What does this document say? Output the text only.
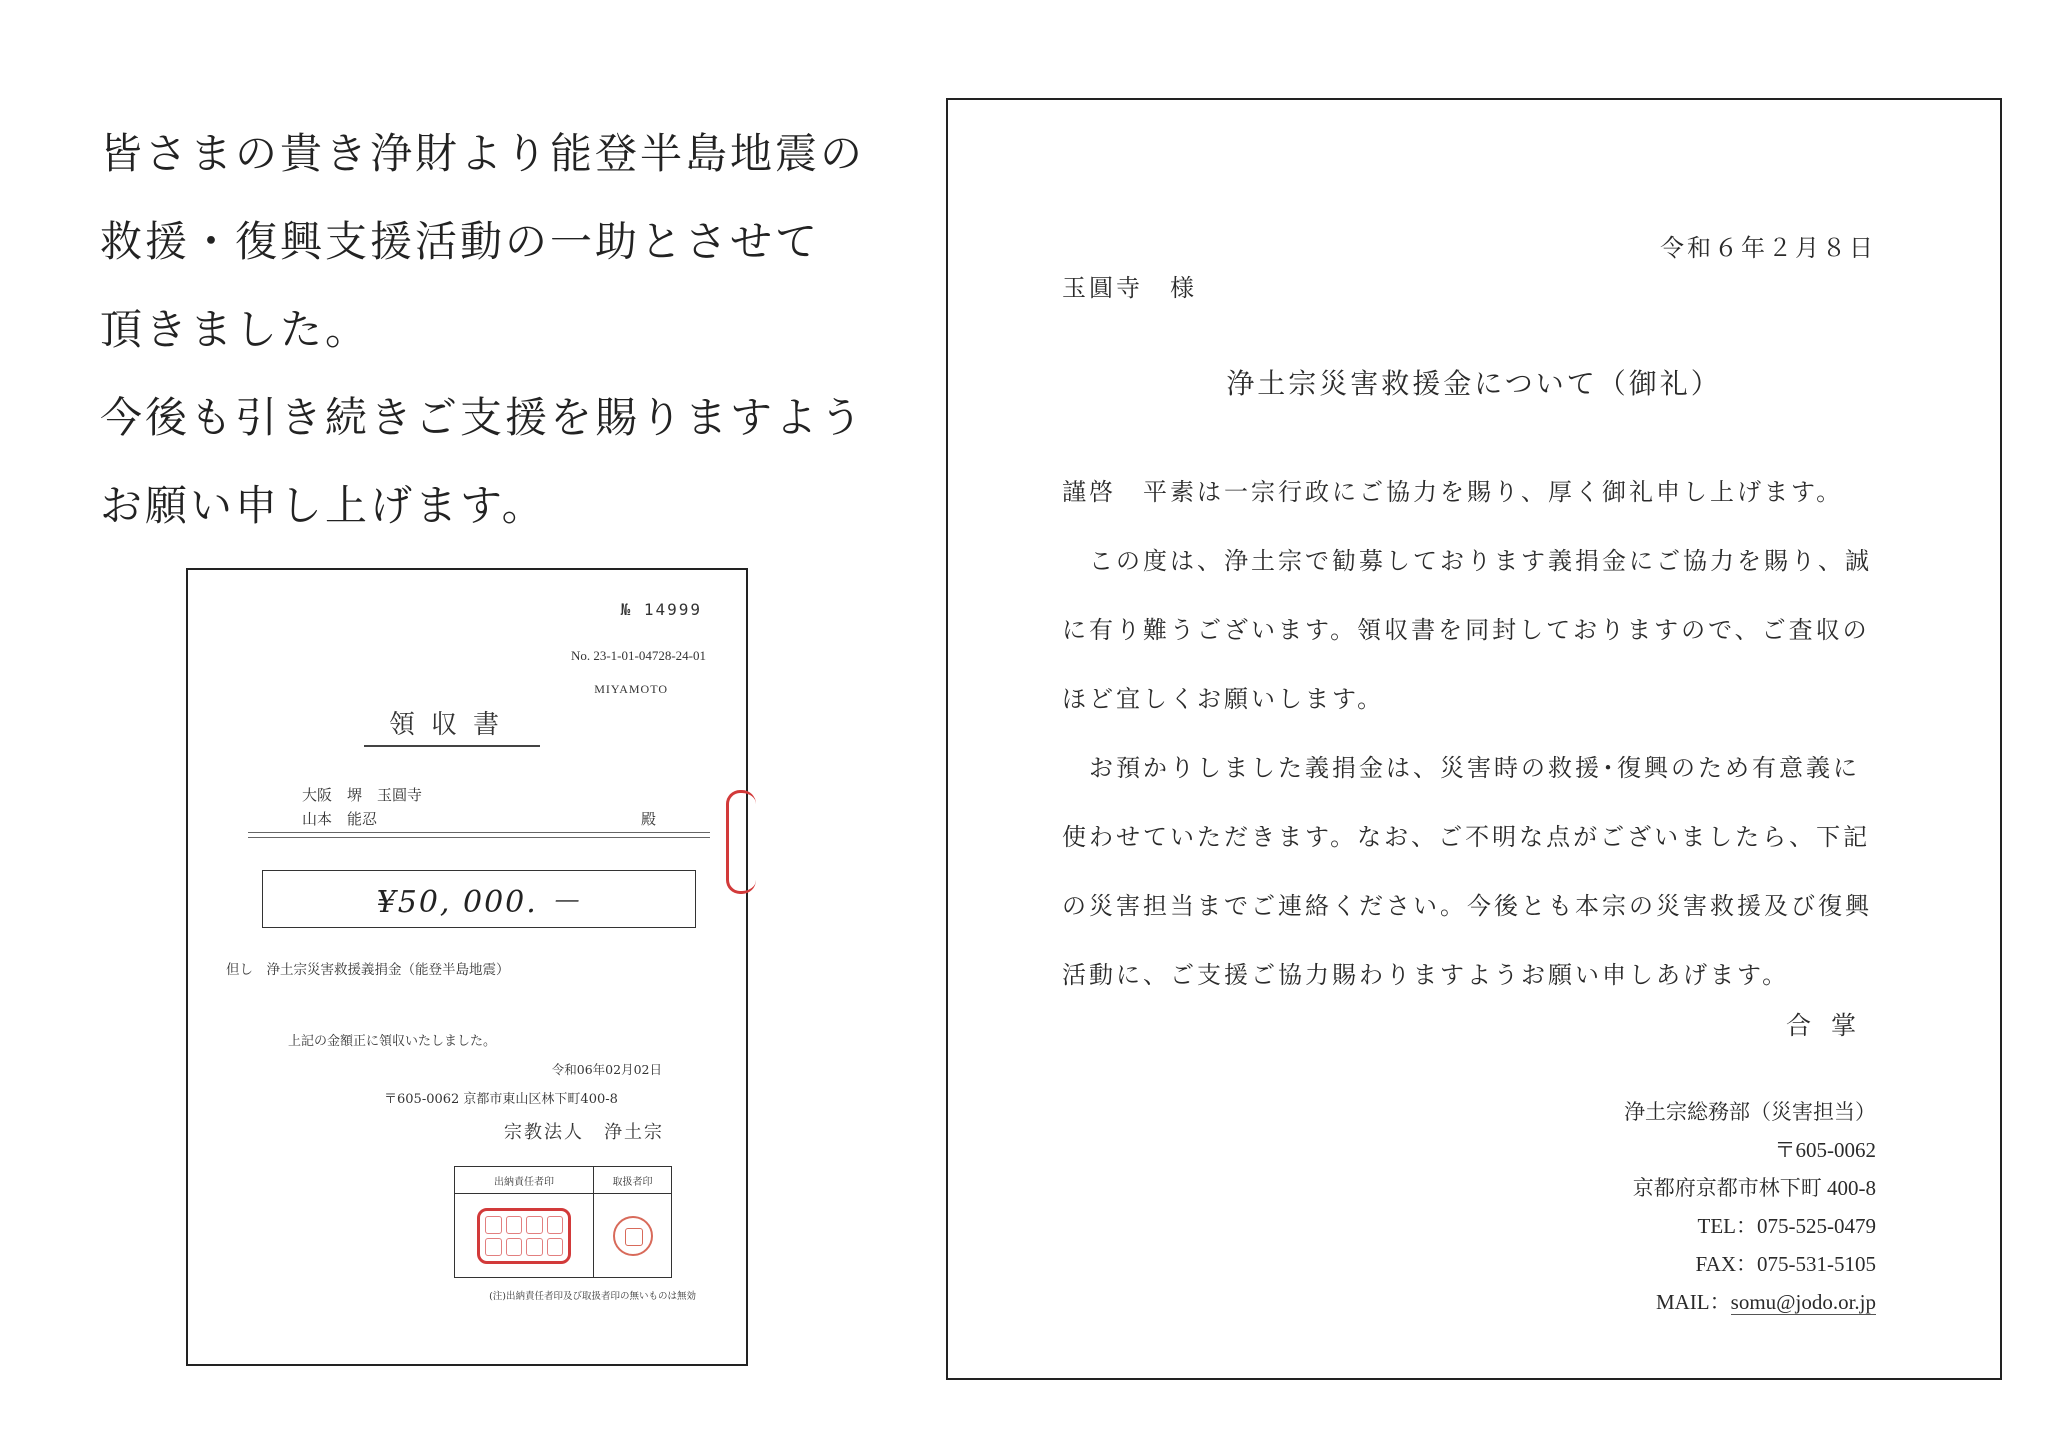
皆さまの貴き浄財より能登半島地震の
救援・復興支援活動の一助とさせて
頂きました。
今後も引き続きご支援を賜りますよう
お願い申し上げます。
№ 14999
No. 23-1-01-04728-24-01
MIYAMOTO
領収書
大阪　堺　玉圓寺
山本　能忍	殿
¥50, 000. －
但し　浄土宗災害救援義捐金（能登半島地震）
上記の金額正に領収いたしました。
令和06年02月02日
〒605-0062 京都市東山区林下町400-8
宗教法人　浄土宗
出納責任者印	取扱者印
(注)出納責任者印及び取扱者印の無いものは無効
令和６年２月８日
玉圓寺　様
浄土宗災害救援金について（御礼）
謹啓　平素は一宗行政にご協力を賜り、厚く御礼申し上げます。
　この度は、浄土宗で勧募しております義捐金にご協力を賜り、誠
に有り難うございます。領収書を同封しておりますので、ご査収の
ほど宜しくお願いします。
　お預かりしました義捐金は、災害時の救援･復興のため有意義に
使わせていただきます。なお、ご不明な点がございましたら、下記
の災害担当までご連絡ください。今後とも本宗の災害救援及び復興
活動に、ご支援ご協力賜わりますようお願い申しあげます。
合掌
浄土宗総務部（災害担当）
〒605-0062
京都府京都市林下町 400-8
TEL：075-525-0479
FAX：075-531-5105
MAIL：somu@jodo.or.jp
